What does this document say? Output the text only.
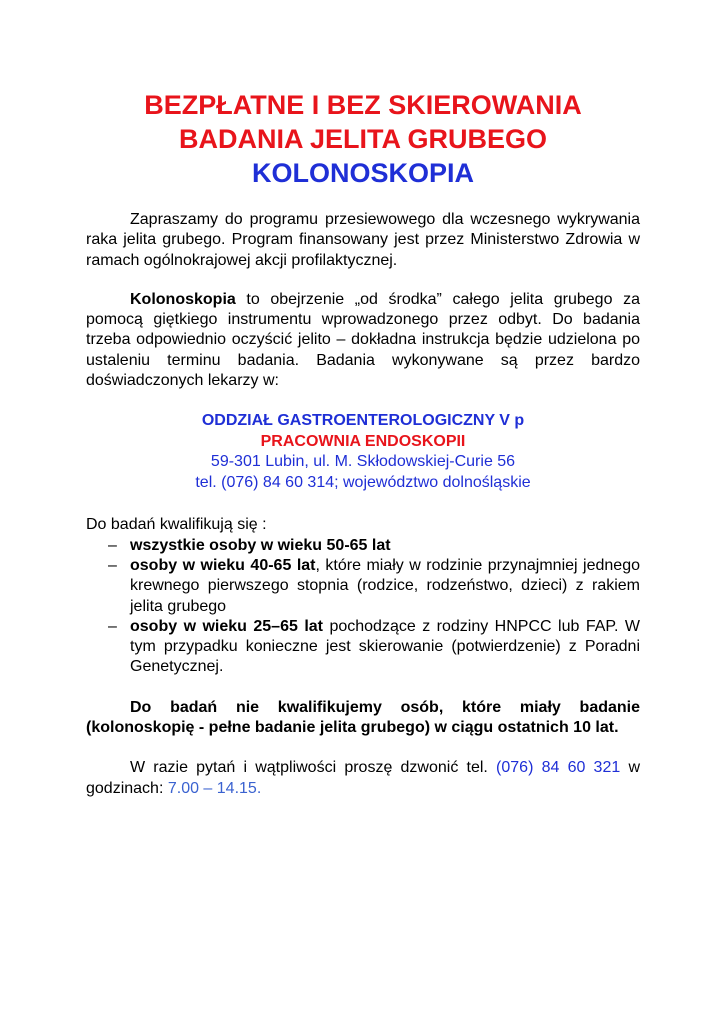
BEZPŁATNE I BEZ SKIEROWANIA
BADANIA JELITA GRUBEGO
KOLONOSKOPIA

Zapraszamy do programu przesiewowego dla wczesnego wykrywania raka jelita grubego. Program finansowany jest przez Ministerstwo Zdrowia w ramach ogólnokrajowej akcji profilaktycznej.

Kolonoskopia to obejrzenie „od środka” całego jelita grubego za pomocą giętkiego instrumentu wprowadzonego przez odbyt. Do badania trzeba odpowiednio oczyścić jelito – dokładna instrukcja będzie udzielona po ustaleniu terminu badania. Badania wykonywane są przez bardzo doświadczonych lekarzy w:

ODDZIAŁ GASTROENTEROLOGICZNY V p
PRACOWNIA ENDOSKOPII
59-301 Lubin, ul. M. Skłodowskiej-Curie 56
tel. (076) 84 60 314; województwo dolnośląskie

Do badań kwalifikują się :

– wszystkie osoby w wieku 50-65 lat
– osoby w wieku 40-65 lat, które miały w rodzinie przynajmniej jednego krewnego pierwszego stopnia (rodzice, rodzeństwo, dzieci) z rakiem jelita grubego
– osoby w wieku 25–65 lat pochodzące z rodziny HNPCC lub FAP. W tym przypadku konieczne jest skierowanie (potwierdzenie) z Poradni Genetycznej.

Do badań nie kwalifikujemy osób, które miały badanie (kolonoskopię - pełne badanie jelita grubego) w ciągu ostatnich 10 lat.

W razie pytań i wątpliwości proszę dzwonić tel. (076) 84 60 321 w godzinach: 7.00 – 14.15.
